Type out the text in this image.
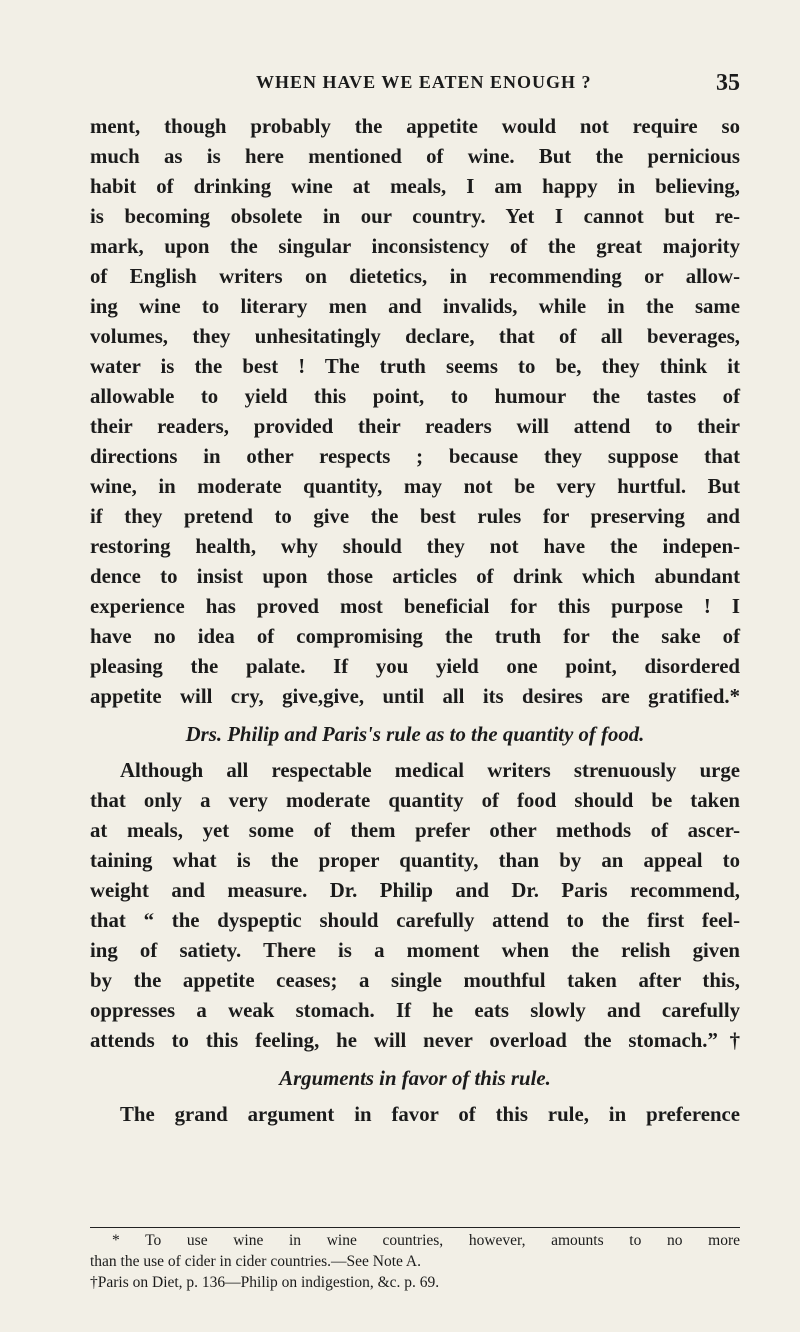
WHEN HAVE WE EATEN ENOUGH ?	35

ment, though probably the appetite would not require so
much as is here mentioned of wine. But the pernicious
habit of drinking wine at meals, I am happy in believing,
is becoming obsolete in our country. Yet I cannot but re-
mark, upon the singular inconsistency of the great majority
of English writers on dietetics, in recommending or allow-
ing wine to literary men and invalids, while in the same
volumes, they unhesitatingly declare, that of all beverages,
water is the best ! The truth seems to be, they think it
allowable to yield this point, to humour the tastes of
their readers, provided their readers will attend to their
directions in other respects ; because they suppose that
wine, in moderate quantity, may not be very hurtful. But
if they pretend to give the best rules for preserving and
restoring health, why should they not have the indepen-
dence to insist upon those articles of drink which abundant
experience has proved most beneficial for this purpose ! I
have no idea of compromising the truth for the sake of
pleasing the palate. If you yield one point, disordered
appetite will cry, give,give, until all its desires are gratified.*

Drs. Philip and Paris's rule as to the quantity of food.

Although all respectable medical writers strenuously urge
that only a very moderate quantity of food should be taken
at meals, yet some of them prefer other methods of ascer-
taining what is the proper quantity, than by an appeal to
weight and measure. Dr. Philip and Dr. Paris recommend,
that “ the dyspeptic should carefully attend to the first feel-
ing of satiety. There is a moment when the relish given
by the appetite ceases; a single mouthful taken after this,
oppresses a weak stomach. If he eats slowly and carefully
attends to this feeling, he will never overload the stomach.”†

Arguments in favor of this rule.

The grand argument in favor of this rule, in preference

* To use wine in wine countries, however, amounts to no more
than the use of cider in cider countries.—See Note A.
†Paris on Diet, p. 136—Philip on indigestion, &c. p. 69.
